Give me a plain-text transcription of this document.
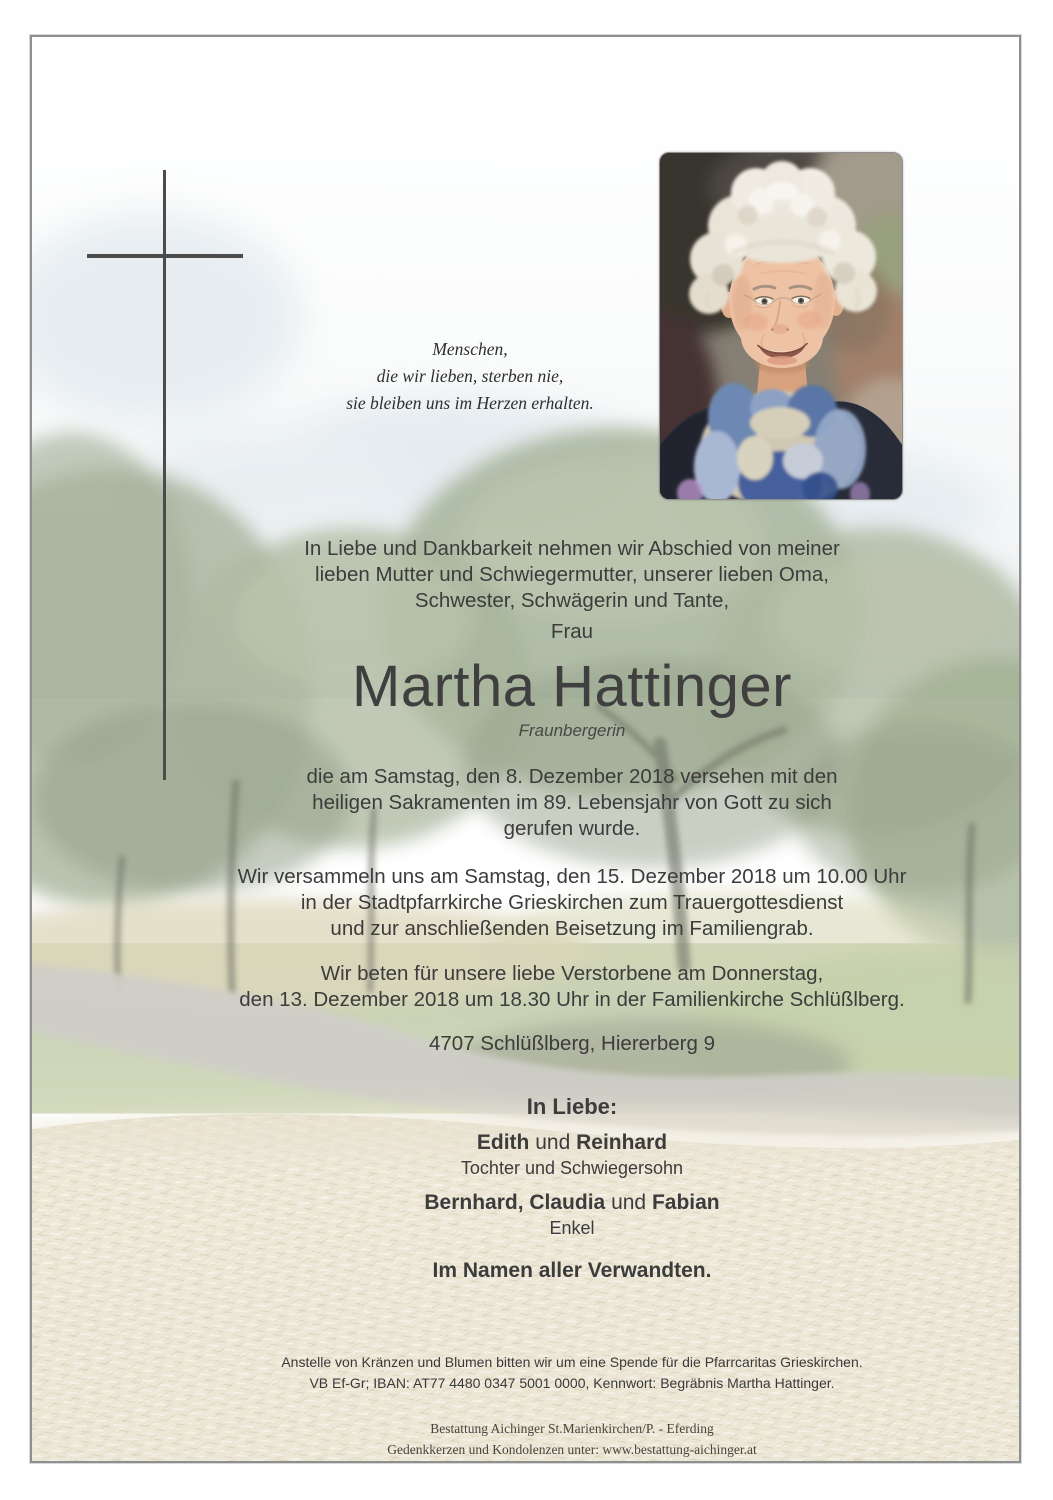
Menschen,
die wir lieben, sterben nie,
sie bleiben uns im Herzen erhalten.
In Liebe und Dankbarkeit nehmen wir Abschied von meiner
lieben Mutter und Schwiegermutter, unserer lieben Oma,
Schwester, Schwägerin und Tante,
Frau
Martha Hattinger
Fraunbergerin
die am Samstag, den 8. Dezember 2018 versehen mit den
heiligen Sakramenten im 89. Lebensjahr von Gott zu sich
gerufen wurde.
Wir versammeln uns am Samstag, den 15. Dezember 2018 um 10.00 Uhr
in der Stadtpfarrkirche Grieskirchen zum Trauergottesdienst
und zur anschließenden Beisetzung im Familiengrab.
Wir beten für unsere liebe Verstorbene am Donnerstag,
den 13. Dezember 2018 um 18.30 Uhr in der Familienkirche Schlüßlberg.
4707 Schlüßlberg, Hiererberg 9
In Liebe:
Edith und Reinhard
Tochter und Schwiegersohn
Bernhard, Claudia und Fabian
Enkel
Im Namen aller Verwandten.
Anstelle von Kränzen und Blumen bitten wir um eine Spende für die Pfarrcaritas Grieskirchen.
VB Ef-Gr; IBAN: AT77 4480 0347 5001 0000, Kennwort: Begräbnis Martha Hattinger.
Bestattung Aichinger St.Marienkirchen/P. - Eferding
Gedenkkerzen und Kondolenzen unter: www.bestattung-aichinger.at
